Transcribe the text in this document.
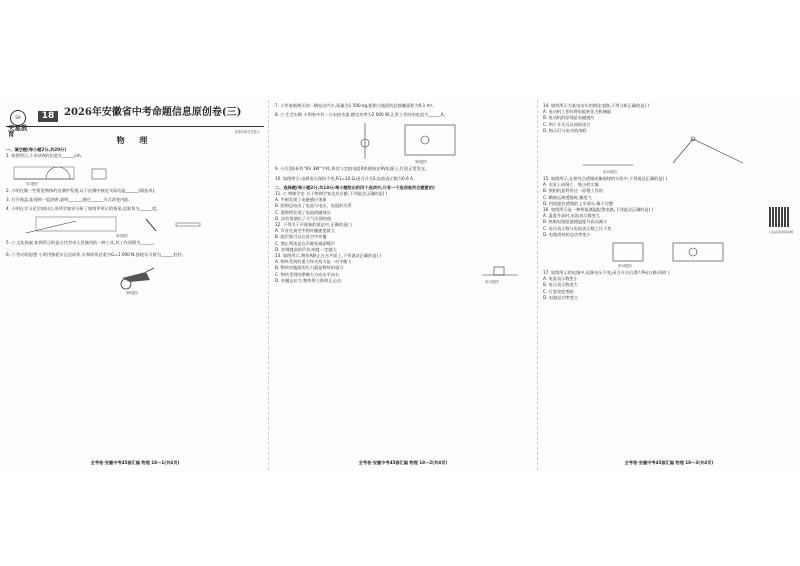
SX
天星教育
18 2026年安徽省中考命题信息原创卷(三)
选填说明见答题卡
物 理
一、填空题(每小题2分,共20分)
1. 如图所示,小木块A的长度为______cm。
第1题图
2. 小明在做一些常见物体的估测中发现,以下估测中接近实际的是______(填选项)。
3. 打开瓶盖,能闻到一股酒香,说明______;通过______方式改变内能。
4. 小明在学习光学知识后,用所学知识分析了如图甲所示的情景,反射角为______度。
第4题图
5. ○ 文化探索 如图所示的是古代劳动人民使用的一种工具,其工作原理为______。
6. ○ 劳动的思想 小明用独轮车运送砖块,车和砖块总重为G=1 000 N,独轮车可视为______杠杆。
第6题图
全考卷·安徽中考45套汇编 物理 18—1(共4页)
7. 小华家新购买的一辆电动汽车,质量为1 500 kg,轮胎与地面的总接触面积为0.1 m²。
8. ○ 生活实践 小明家中有一台电热水器,额定功率为2 000 W,正常工作时的电流为______A。
第8题图
9. 小灯泡L标有“6V 3W”字样,将其与定值电阻R串联接在9V电源上,灯泡正常发光。
10. 如图所示,电源电压保持不变,R1=10 Ω,闭合开关S,电流表示数为0.6 A。
二、选择题(每小题2分,共14分;每小题给出的四个选项中,只有一个选项是符合题意的)
11. ○ 物理学史 关于物理学家及其贡献,下列说法正确的是( )
A. 牛顿发现了电磁感应现象
B. 欧姆总结出了电流与电压、电阻的关系
C. 奥斯特发现了电流的磁效应
D. 法拉第测出了大气压强的值
12. 下列关于声现象的说法中,正确的是( )
A. 声音在真空中的传播速度最大
B. 超声波可以在真空中传播
C. 禁止鸣笛是在声源处减弱噪声
D. 音调越高的声音,响度一定越大
13. 如图所示,物块A静止在水平面上,下列说法正确的是( )
A. 物块受到的重力和支持力是一对平衡力
B. 物块对地面的压力就是物块的重力
C. 物块受到的摩擦力方向水平向右
D. 若撤去拉力,物块将立即停止运动	第13题图
全考卷·安徽中考45套汇编 物理 18—2(共4页)
14. 如图所示为某电动车的简化电路,下列分析正确的是( )
A. 电动机工作时将电能转化为机械能
B. 电动机的原理是电磁感应
C. 两个开关可以同时闭合
D. 指示灯与电动机串联
第14题图
15. 如图所示,在探究凸透镜成像规律的实验中,下列说法正确的是( )
A. 光屏上成倒立、缩小的实像
B. 照相机是利用这一原理工作的
C. 蜡烛远离透镜时,像变大
D. 用纸遮住透镜的上半部分,像不完整
16. 如图所示是一种智能测温报警电路,下列说法正确的是( )
A. 温度升高时,电流表示数变大
B. 热敏电阻阻值随温度升高而减小
C. 电压表示数与电流表示数之比不变
D. 电路消耗的总功率变小	扫码获取视频讲解
第16题图
17. 如图所示的电路中,电源电压不变,闭合开关后滑片P向右移动时( )
A. 电流表示数变小
B. 电压表示数变大
C. 灯泡亮度变暗
D. 电路总功率变大
全考卷·安徽中考45套汇编 物理 18—3(共4页)
